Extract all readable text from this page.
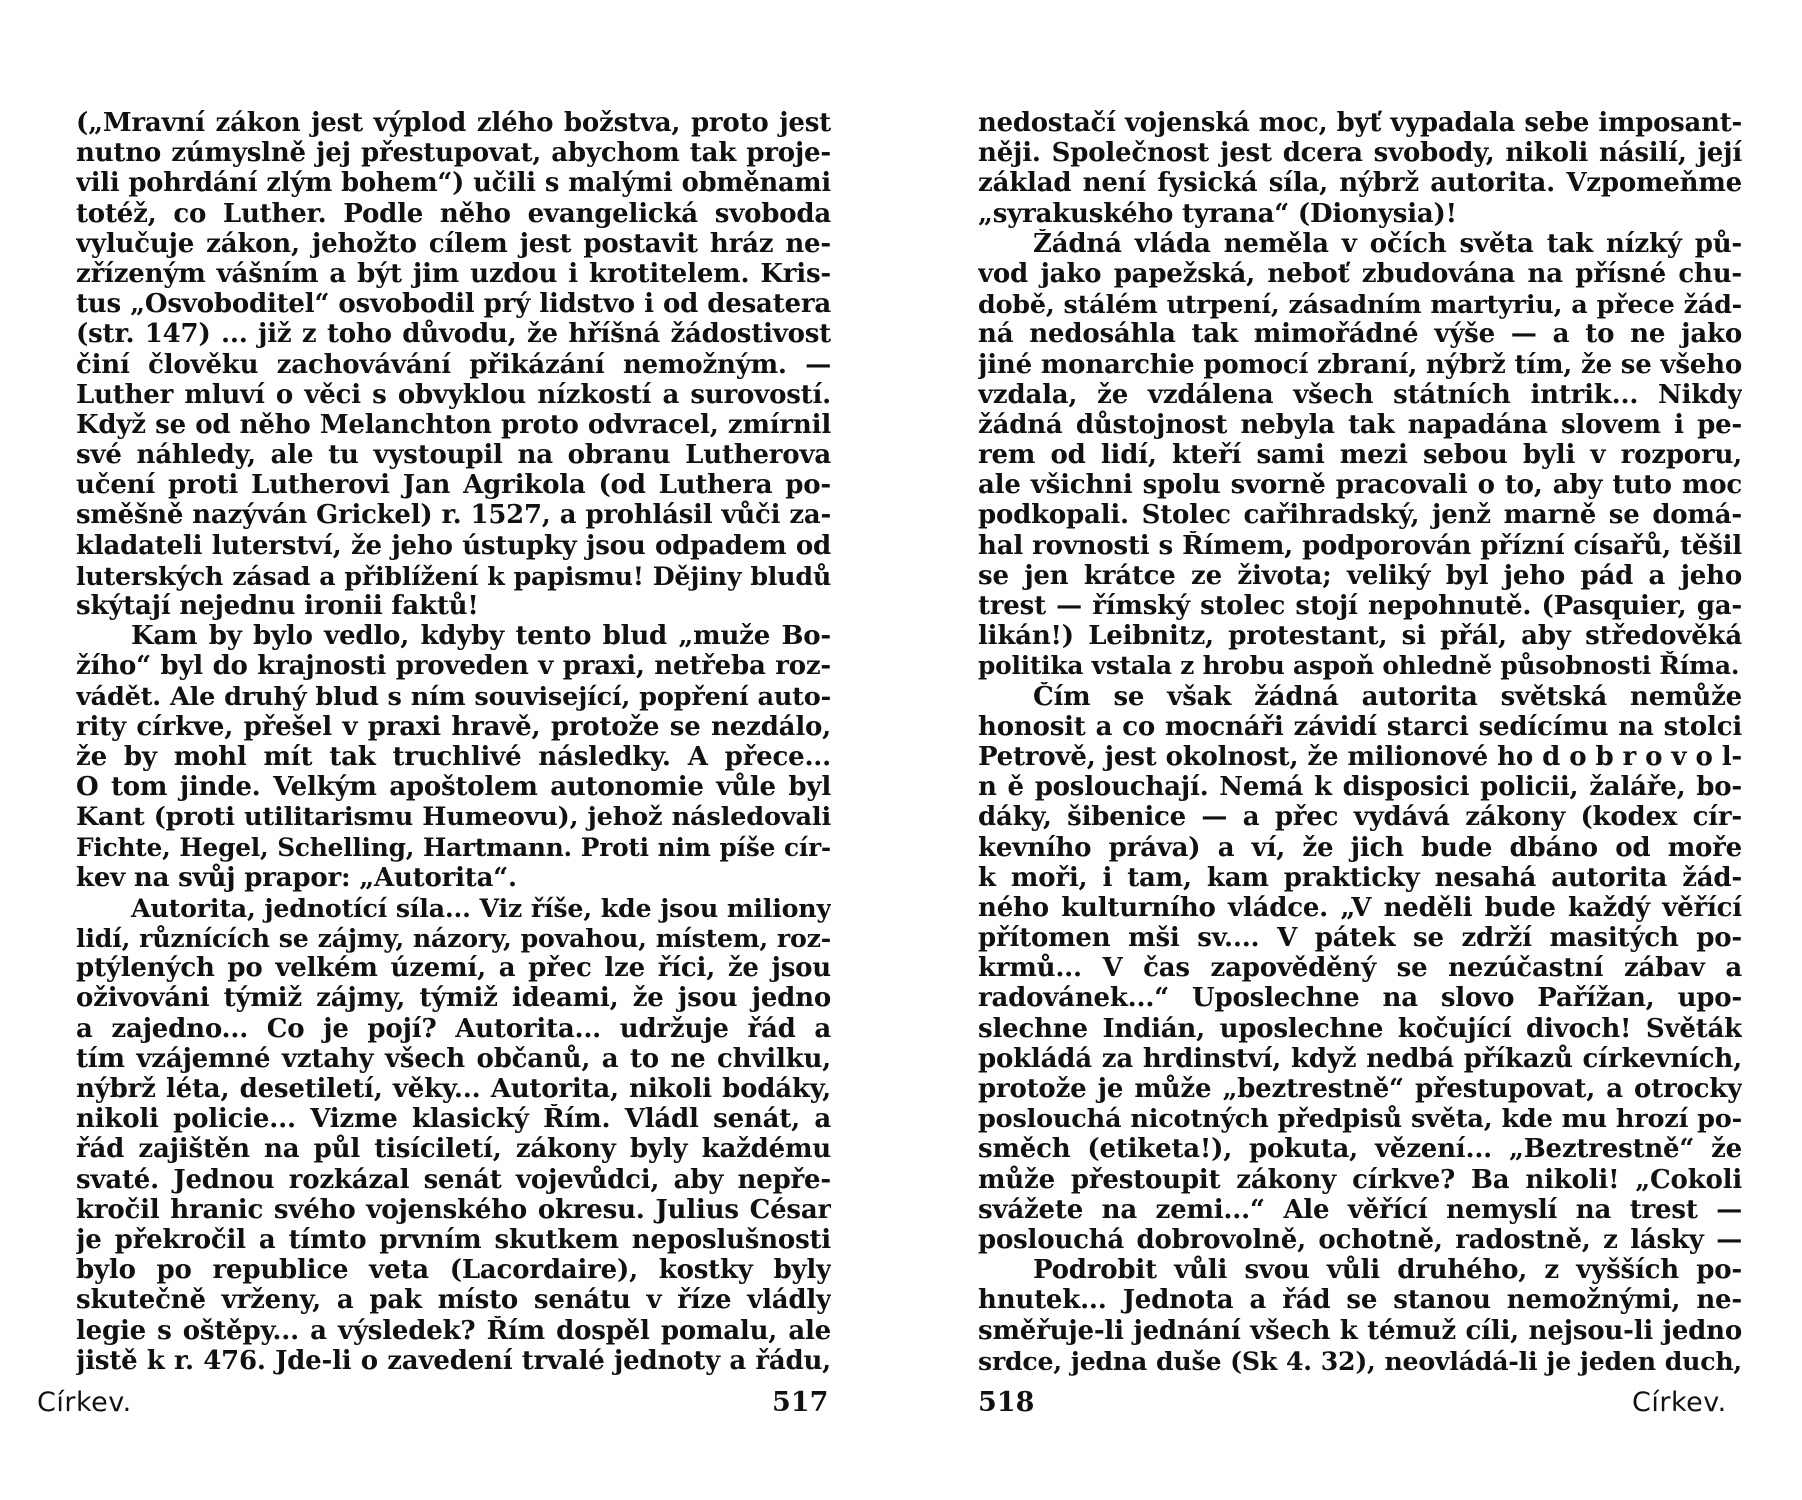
(„Mravní zákon jest výplod zlého božstva, proto jest
nutno zúmyslně jej přestupovat, abychom tak proje-
vili pohrdání zlým bohem“) učili s malými obměnami
totéž, co Luther. Podle něho evangelická svoboda
vylučuje zákon, jehožto cílem jest postavit hráz ne-
zřízeným vášním a být jim uzdou i krotitelem. Kris-
tus „Osvoboditel“ osvobodil prý lidstvo i od desatera
(str. 147) ... již z toho důvodu, že hříšná žádostivost
činí člověku zachovávání přikázání nemožným. —
Luther mluví o věci s obvyklou nízkostí a surovostí.
Když se od něho Melanchton proto odvracel, zmírnil
své náhledy, ale tu vystoupil na obranu Lutherova
učení proti Lutherovi Jan Agrikola (od Luthera po-
směšně nazýván Grickel) r. 1527, a prohlásil vůči za-
kladateli luterství, že jeho ústupky jsou odpadem od
luterských zásad a přiblížení k papismu! Dějiny bludů
skýtají nejednu ironii faktů!
Kam by bylo vedlo, kdyby tento blud „muže Bo-
žího“ byl do krajnosti proveden v praxi, netřeba roz-
vádět. Ale druhý blud s ním související, popření auto-
rity církve, přešel v praxi hravě, protože se nezdálo,
že by mohl mít tak truchlivé následky. A přece...
O tom jinde. Velkým apoštolem autonomie vůle byl
Kant (proti utilitarismu Humeovu), jehož následovali
Fichte, Hegel, Schelling, Hartmann. Proti nim píše cír-
kev na svůj prapor: „Autorita“.
Autorita, jednotící síla... Viz říše, kde jsou miliony
lidí, různících se zájmy, názory, povahou, místem, roz-
ptýlených po velkém území, a přec lze říci, že jsou
oživováni týmiž zájmy, týmiž ideami, že jsou jedno
a zajedno... Co je pojí? Autorita... udržuje řád a
tím vzájemné vztahy všech občanů, a to ne chvilku,
nýbrž léta, desetiletí, věky... Autorita, nikoli bodáky,
nikoli policie... Vizme klasický Řím. Vládl senát, a
řád zajištěn na půl tisíciletí, zákony byly každému
svaté. Jednou rozkázal senát vojevůdci, aby nepře-
kročil hranic svého vojenského okresu. Julius César
je překročil a tímto prvním skutkem neposlušnosti
bylo po republice veta (Lacordaire), kostky byly
skutečně vrženy, a pak místo senátu v říze vládly
legie s oštěpy... a výsledek? Řím dospěl pomalu, ale
jistě k r. 476. Jde-li o zavedení trvalé jednoty a řádu,
Církev.	517
nedostačí vojenská moc, byť vypadala sebe imposant-
něji. Společnost jest dcera svobody, nikoli násilí, její
základ není fysická síla, nýbrž autorita. Vzpomeňme
„syrakuského tyrana“ (Dionysia)!
Žádná vláda neměla v očích světa tak nízký pů-
vod jako papežská, neboť zbudována na přísné chu-
době, stálém utrpení, zásadním martyriu, a přece žád-
ná nedosáhla tak mimořádné výše — a to ne jako
jiné monarchie pomocí zbraní, nýbrž tím, že se všeho
vzdala, že vzdálena všech státních intrik... Nikdy
žádná důstojnost nebyla tak napadána slovem i pe-
rem od lidí, kteří sami mezi sebou byli v rozporu,
ale všichni spolu svorně pracovali o to, aby tuto moc
podkopali. Stolec cařihradský, jenž marně se domá-
hal rovnosti s Římem, podporován přízní císařů, těšil
se jen krátce ze života; veliký byl jeho pád a jeho
trest — římský stolec stojí nepohnutě. (Pasquier, ga-
likán!) Leibnitz, protestant, si přál, aby středověká
politika vstala z hrobu aspoň ohledně působnosti Říma.
Čím se však žádná autorita světská nemůže
honosit a co mocnáři závidí starci sedícímu na stolci
Petrově, jest okolnost, že milionové ho d o b r o v o l-
n ě poslouchají. Nemá k disposici policii, žaláře, bo-
dáky, šibenice — a přec vydává zákony (kodex cír-
kevního práva) a ví, že jich bude dbáno od moře
k moři, i tam, kam prakticky nesahá autorita žád-
ného kulturního vládce. „V neděli bude každý věřící
přítomen mši sv.... V pátek se zdrží masitých po-
krmů... V čas zapověděný se nezúčastní zábav a
radovánek...“ Uposlechne na slovo Pařížan, upo-
slechne Indián, uposlechne kočující divoch! Světák
pokládá za hrdinství, když nedbá příkazů církevních,
protože je může „beztrestně“ přestupovat, a otrocky
poslouchá nicotných předpisů světa, kde mu hrozí po-
směch (etiketa!), pokuta, vězení... „Beztrestně“ že
může přestoupit zákony církve? Ba nikoli! „Cokoli
svážete na zemi...“ Ale věřící nemyslí na trest —
poslouchá dobrovolně, ochotně, radostně, z lásky —
Podrobit vůli svou vůli druhého, z vyšších po-
hnutek... Jednota a řád se stanou nemožnými, ne-
směřuje-li jednání všech k témuž cíli, nejsou-li jedno
srdce, jedna duše (Sk 4. 32), neovládá-li je jeden duch,
518	Církev.
